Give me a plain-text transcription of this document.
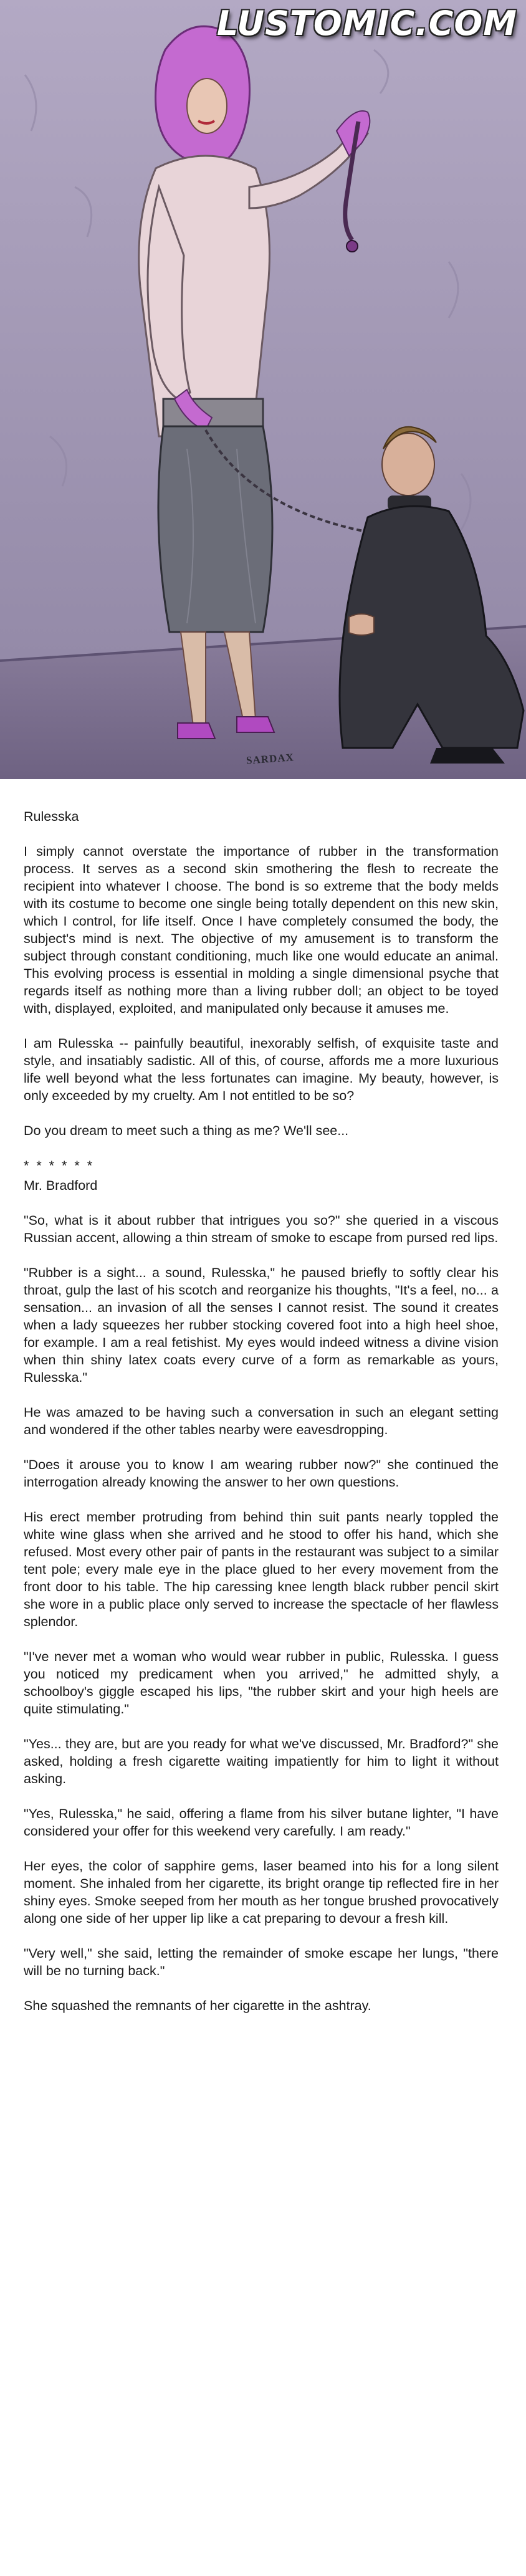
LUSTOMIC.COM
SARDAX

Rulesska

I simply cannot overstate the importance of rubber in the transformation process. It serves as a second skin smothering the flesh to recreate the recipient into whatever I choose. The bond is so extreme that the body melds with its costume to become one single being totally dependent on this new skin, which I control, for life itself. Once I have completely consumed the body, the subject's mind is next. The objective of my amusement is to transform the subject through constant conditioning, much like one would educate an animal. This evolving process is essential in molding a single dimensional psyche that regards itself as nothing more than a living rubber doll; an object to be toyed with, displayed, exploited, and manipulated only because it amuses me.

I am Rulesska -- painfully beautiful, inexorably selfish, of exquisite taste and style, and insatiably sadistic. All of this, of course, affords me a more luxurious life well beyond what the less fortunates can imagine. My beauty, however, is only exceeded by my cruelty. Am I not entitled to be so?

Do you dream to meet such a thing as me? We'll see...

* * * * * *

Mr. Bradford

"So, what is it about rubber that intrigues you so?" she queried in a viscous Russian accent, allowing a thin stream of smoke to escape from pursed red lips.

"Rubber is a sight... a sound, Rulesska," he paused briefly to softly clear his throat, gulp the last of his scotch and reorganize his thoughts, "It's a feel, no... a sensation... an invasion of all the senses I cannot resist. The sound it creates when a lady squeezes her rubber stocking covered foot into a high heel shoe, for example. I am a real fetishist. My eyes would indeed witness a divine vision when thin shiny latex coats every curve of a form as remarkable as yours, Rulesska."

He was amazed to be having such a conversation in such an elegant setting and wondered if the other tables nearby were eavesdropping.

"Does it arouse you to know I am wearing rubber now?" she continued the interrogation already knowing the answer to her own questions.

His erect member protruding from behind thin suit pants nearly toppled the white wine glass when she arrived and he stood to offer his hand, which she refused. Most every other pair of pants in the restaurant was subject to a similar tent pole; every male eye in the place glued to her every movement from the front door to his table. The hip caressing knee length black rubber pencil skirt she wore in a public place only served to increase the spectacle of her flawless splendor.

"I've never met a woman who would wear rubber in public, Rulesska. I guess you noticed my predicament when you arrived," he admitted shyly, a schoolboy's giggle escaped his lips, "the rubber skirt and your high heels are quite stimulating."

"Yes... they are, but are you ready for what we've discussed, Mr. Bradford?" she asked, holding a fresh cigarette waiting impatiently for him to light it without asking.

"Yes, Rulesska," he said, offering a flame from his silver butane lighter, "I have considered your offer for this weekend very carefully. I am ready."

Her eyes, the color of sapphire gems, laser beamed into his for a long silent moment. She inhaled from her cigarette, its bright orange tip reflected fire in her shiny eyes. Smoke seeped from her mouth as her tongue brushed provocatively along one side of her upper lip like a cat preparing to devour a fresh kill.

"Very well," she said, letting the remainder of smoke escape her lungs, "there will be no turning back."

She squashed the remnants of her cigarette in the ashtray.
